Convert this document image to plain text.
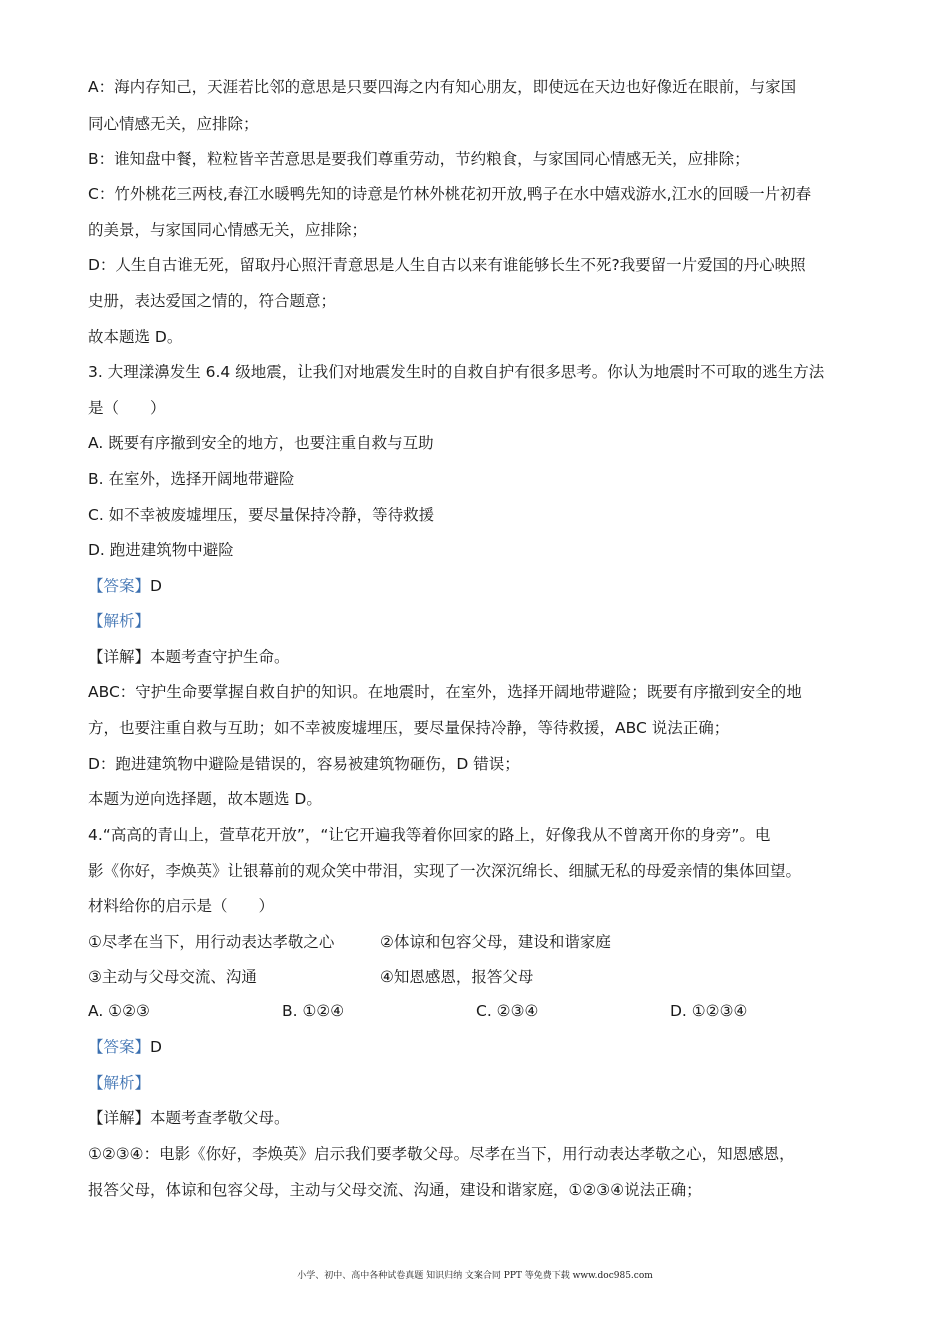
A：海内存知己，天涯若比邻的意思是只要四海之内有知心朋友，即使远在天边也好像近在眼前，与家国
同心情感无关，应排除；
B：谁知盘中餐，粒粒皆辛苦意思是要我们尊重劳动，节约粮食，与家国同心情感无关，应排除；
C：竹外桃花三两枝,春江水暖鸭先知的诗意是竹林外桃花初开放,鸭子在水中嬉戏游水,江水的回暖一片初春
的美景，与家国同心情感无关，应排除；
D：人生自古谁无死，留取丹心照汗青意思是人生自古以来有谁能够长生不死?我要留一片爱国的丹心映照
史册，表达爱国之情的，符合题意；
故本题选 D。
3. 大理漾濞发生 6.4 级地震，让我们对地震发生时的自救自护有很多思考。你认为地震时不可取的逃生方法
是（　　）
A. 既要有序撤到安全的地方，也要注重自救与互助
B. 在室外，选择开阔地带避险
C. 如不幸被废墟埋压，要尽量保持冷静，等待救援
D. 跑进建筑物中避险
【答案】D
【解析】
【详解】本题考查守护生命。
ABC：守护生命要掌握自救自护的知识。在地震时，在室外，选择开阔地带避险；既要有序撤到安全的地
方，也要注重自救与互助；如不幸被废墟埋压，要尽量保持冷静，等待救援，ABC 说法正确；
D：跑进建筑物中避险是错误的，容易被建筑物砸伤，D 错误；
本题为逆向选择题，故本题选 D。
4.“高高的青山上，萱草花开放”，“让它开遍我等着你回家的路上，好像我从不曾离开你的身旁”。电
影《你好，李焕英》让银幕前的观众笑中带泪，实现了一次深沉绵长、细腻无私的母爱亲情的集体回望。
材料给你的启示是（　　）
①尽孝在当下，用行动表达孝敬之心	②体谅和包容父母，建设和谐家庭
③主动与父母交流、沟通	④知恩感恩，报答父母
A. ①②③	B. ①②④	C. ②③④	D. ①②③④
【答案】D
【解析】
【详解】本题考查孝敬父母。
①②③④：电影《你好，李焕英》启示我们要孝敬父母。尽孝在当下，用行动表达孝敬之心，知恩感恩，
报答父母，体谅和包容父母，主动与父母交流、沟通，建设和谐家庭，①②③④说法正确；
小学、初中、高中各种试卷真题 知识归纳 文案合同 PPT 等免费下载 www.doc985.com
